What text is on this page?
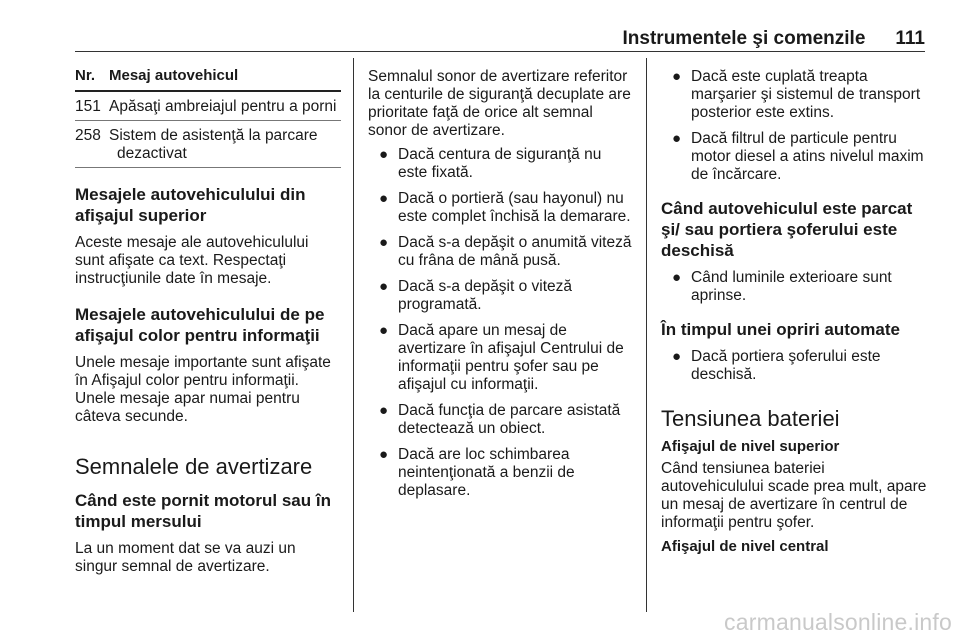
Instrumentele şi comenzile 111
Nr. Mesaj autovehicul
151 Apăsaţi ambreiajul pentru a porni
258 Sistem de asistenţă la parcare dezactivat
Mesajele autovehiculului din afişajul superior

Aceste mesaje ale autovehiculului sunt afişate ca text. Respectaţi instrucţiunile date în mesaje.

Mesajele autovehiculului de pe afişajul color pentru informaţii

Unele mesaje importante sunt afişate în Afişajul color pentru informaţii. Unele mesaje apar numai pentru câteva secunde.

Semnalele de avertizare
Când este pornit motorul sau în timpul mersului

La un moment dat se va auzi un singur semnal de avertizare.

Semnalul sonor de avertizare referitor la centurile de siguranţă decuplate are prioritate faţă de orice alt semnal sonor de avertizare.

● Dacă centura de siguranţă nu este fixată.
● Dacă o portieră (sau hayonul) nu este complet închisă la demarare.
● Dacă s-a depăşit o anumită viteză cu frâna de mână pusă.
● Dacă s-a depăşit o viteză programată.
● Dacă apare un mesaj de avertizare în afişajul Centrului de informaţii pentru şofer sau pe afişajul cu informaţii.
● Dacă funcţia de parcare asistată detectează un obiect.
● Dacă are loc schimbarea neintenţionată a benzii de deplasare.
● Dacă este cuplată treapta marşarier şi sistemul de transport posterior este extins.
● Dacă filtrul de particule pentru motor diesel a atins nivelul maxim de încărcare.
Când autovehiculul este parcat şi/ sau portiera şoferului este deschisă
● Când luminile exterioare sunt aprinse.
În timpul unei opriri automate
● Dacă portiera şoferului este deschisă.
Tensiunea bateriei
Afişajul de nivel superior

Când tensiunea bateriei autovehiculului scade prea mult, apare un mesaj de avertizare în centrul de informaţii pentru şofer.

Afişajul de nivel central
carmanualsonline.info
